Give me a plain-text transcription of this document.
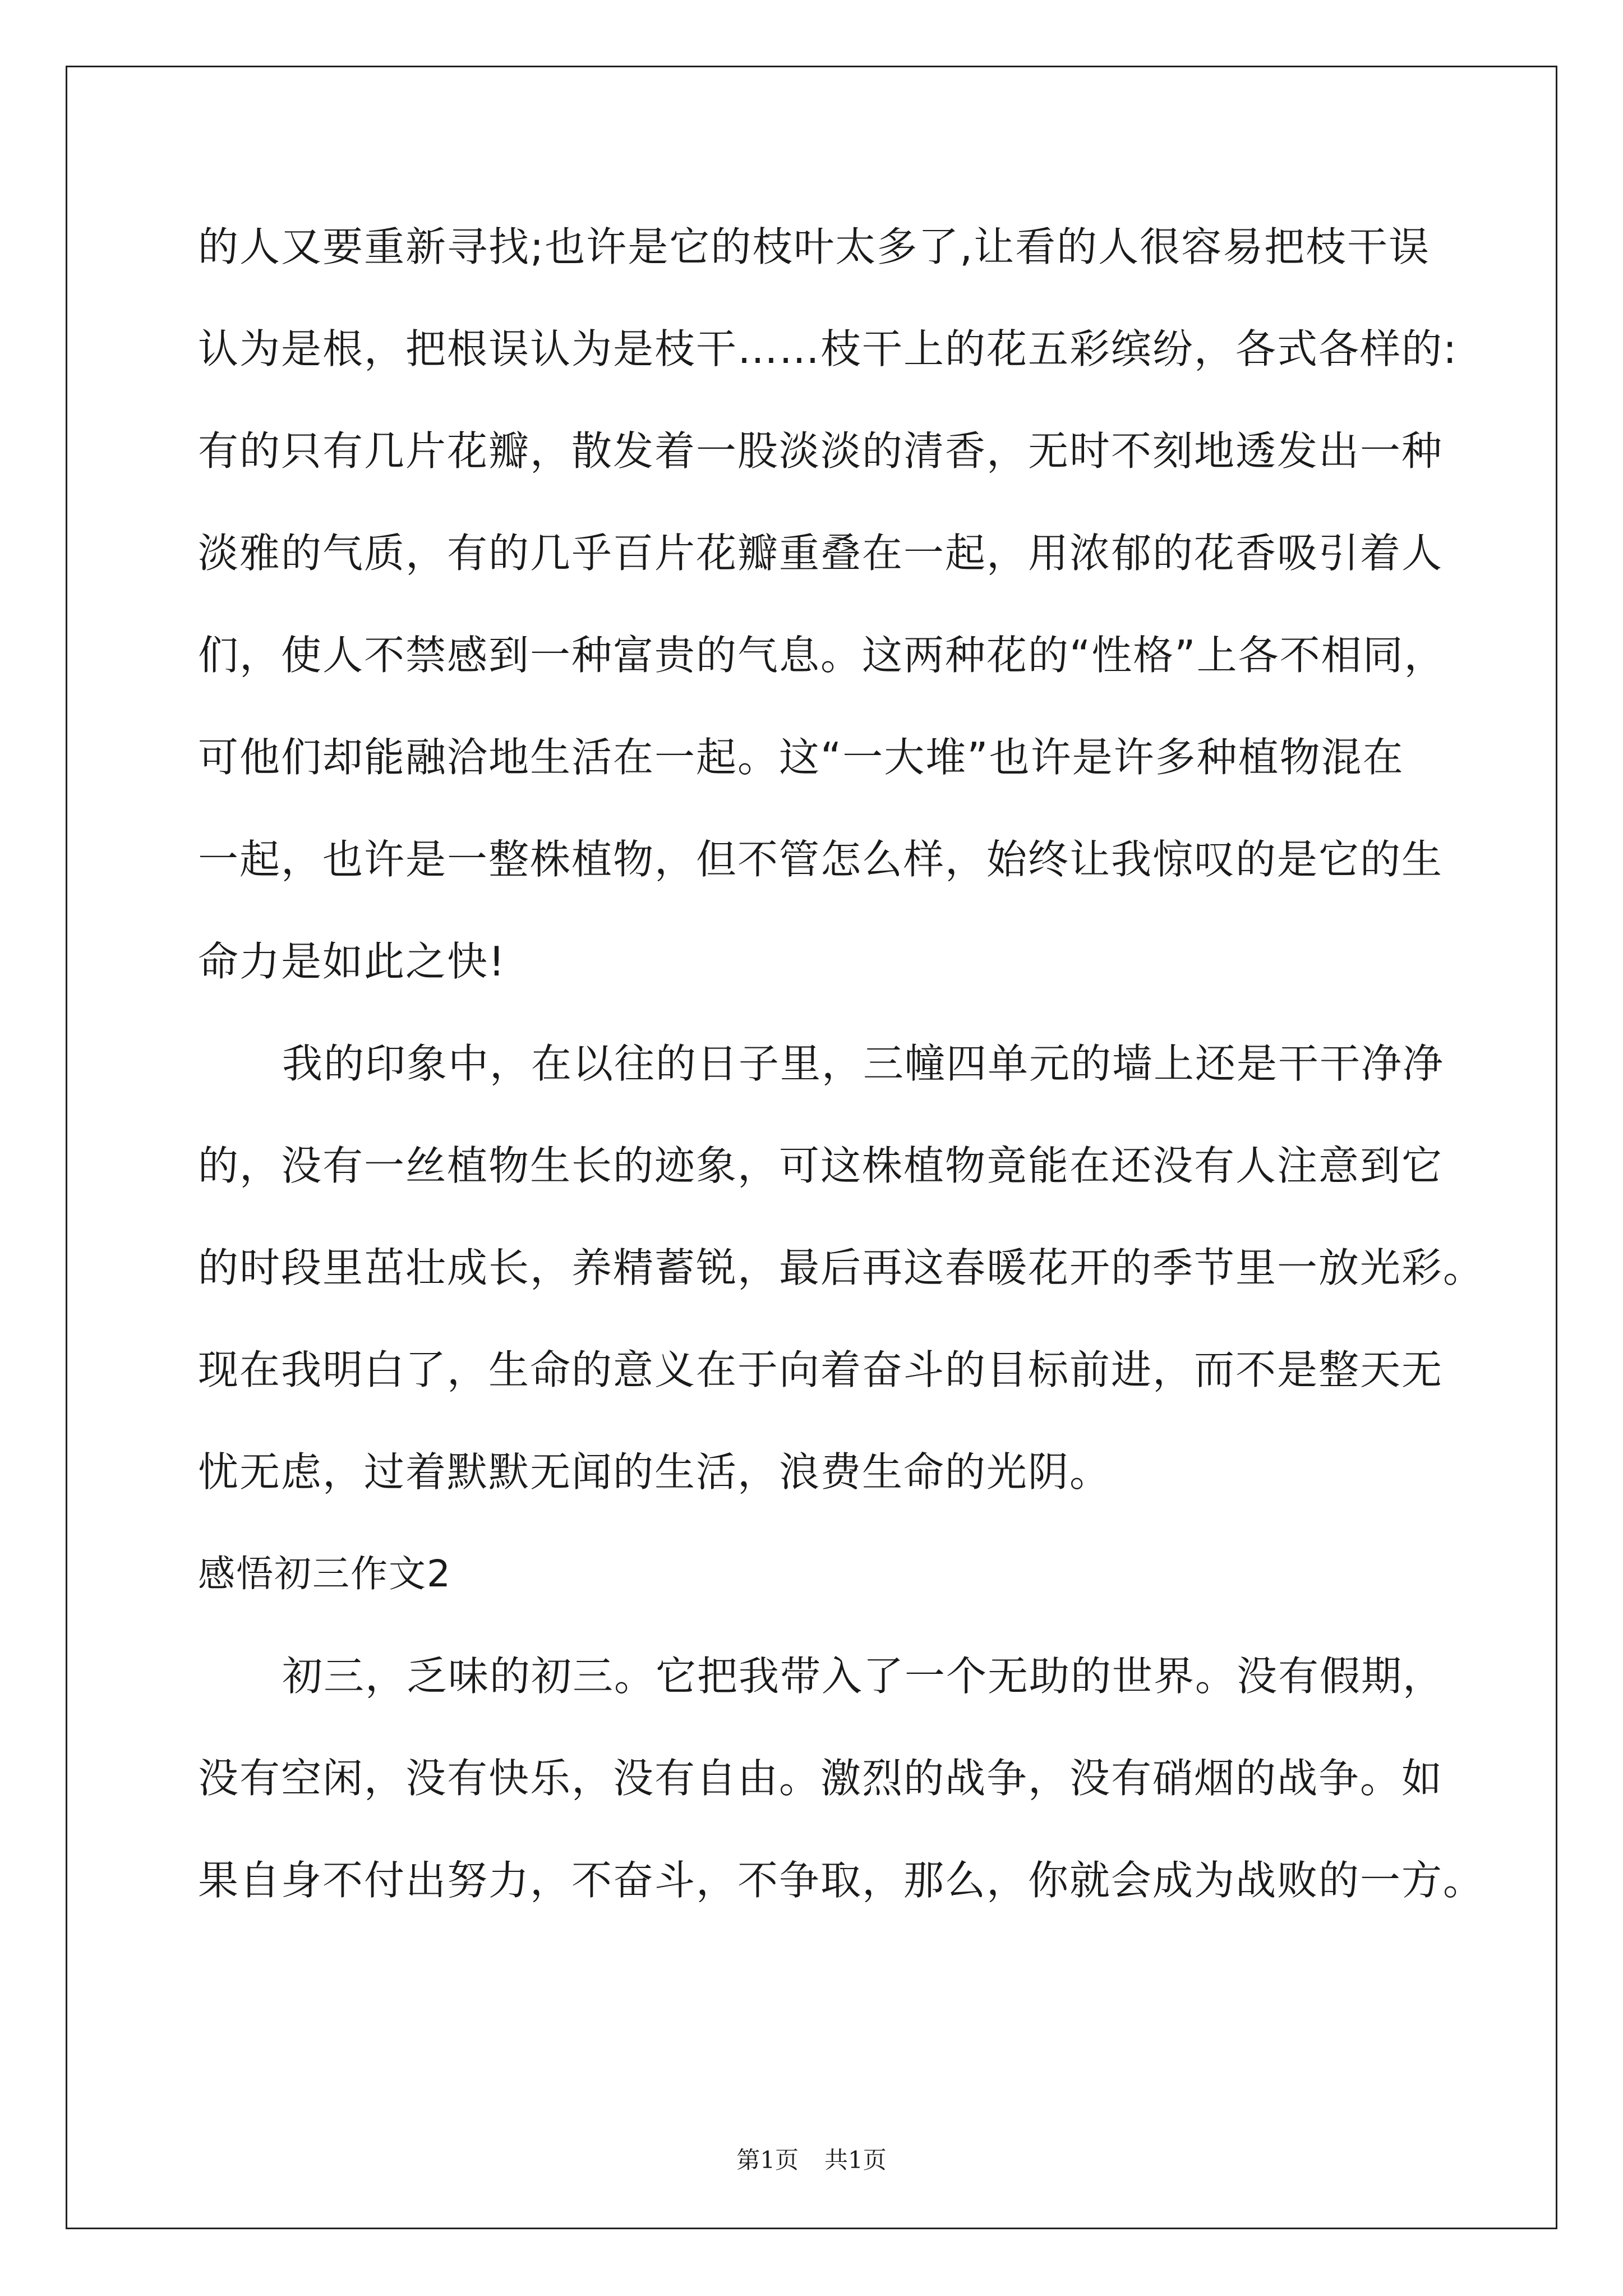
的人又要重新寻找;也许是它的枝叶太多了,让看的人很容易把枝干误
认为是根，把根误认为是枝干……枝干上的花五彩缤纷，各式各样的:
有的只有几片花瓣，散发着一股淡淡的清香，无时不刻地透发出一种
淡雅的气质，有的几乎百片花瓣重叠在一起，用浓郁的花香吸引着人
们，使人不禁感到一种富贵的气息。这两种花的“性格”上各不相同，
可他们却能融洽地生活在一起。这“一大堆”也许是许多种植物混在
一起，也许是一整株植物，但不管怎么样，始终让我惊叹的是它的生
命力是如此之快!
我的印象中，在以往的日子里，三幢四单元的墙上还是干干净净
的，没有一丝植物生长的迹象，可这株植物竟能在还没有人注意到它
的时段里茁壮成长，养精蓄锐，最后再这春暖花开的季节里一放光彩。
现在我明白了，生命的意义在于向着奋斗的目标前进，而不是整天无
忧无虑，过着默默无闻的生活，浪费生命的光阴。
感悟初三作文2
初三，乏味的初三。它把我带入了一个无助的世界。没有假期，
没有空闲，没有快乐，没有自由。激烈的战争，没有硝烟的战争。如
果自身不付出努力，不奋斗，不争取，那么，你就会成为战败的一方。
第1页 共1页
